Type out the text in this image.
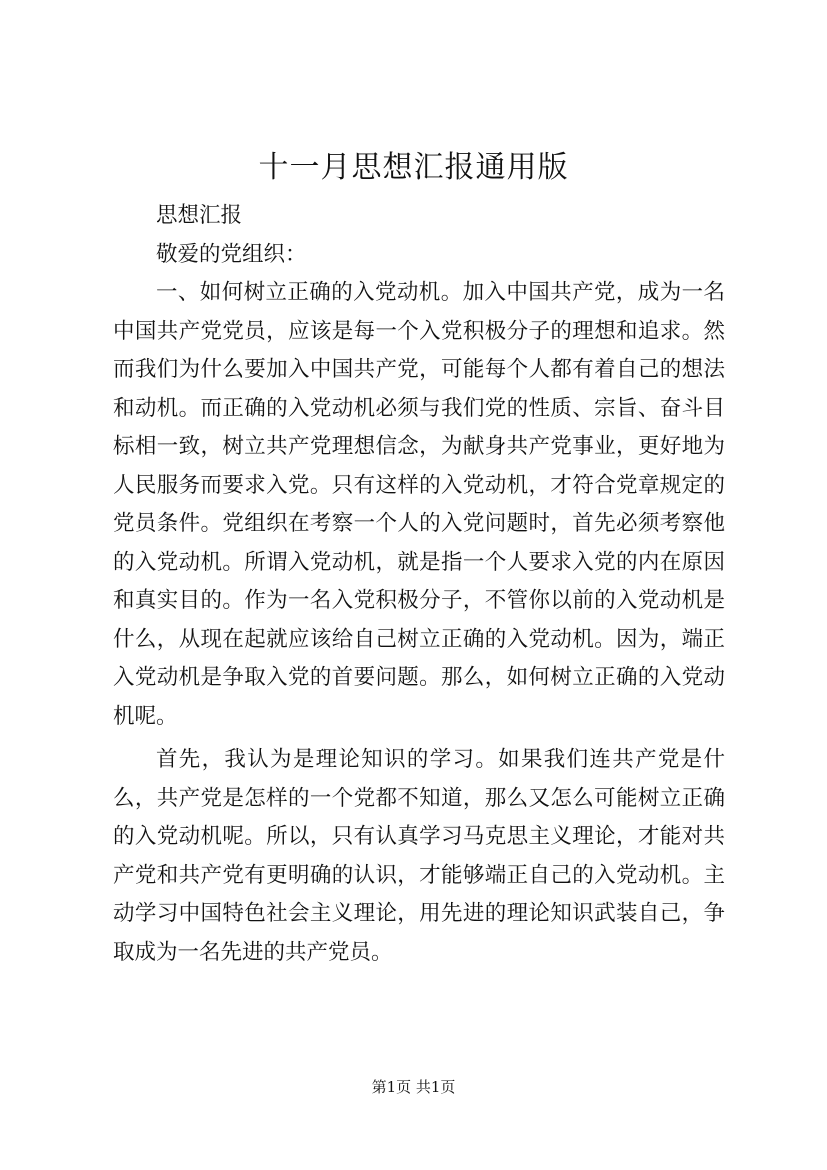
十一月思想汇报通用版

思想汇报

敬爱的党组织：

一、如何树立正确的入党动机。加入中国共产党，成为一名中国共产党党员，应该是每一个入党积极分子的理想和追求。然而我们为什么要加入中国共产党，可能每个人都有着自己的想法和动机。而正确的入党动机必须与我们党的性质、宗旨、奋斗目标相一致，树立共产党理想信念，为献身共产党事业，更好地为人民服务而要求入党。只有这样的入党动机，才符合党章规定的党员条件。党组织在考察一个人的入党问题时，首先必须考察他的入党动机。所谓入党动机，就是指一个人要求入党的内在原因和真实目的。作为一名入党积极分子，不管你以前的入党动机是什么，从现在起就应该给自己树立正确的入党动机。因为，端正入党动机是争取入党的首要问题。那么，如何树立正确的入党动机呢。

首先，我认为是理论知识的学习。如果我们连共产党是什么，共产党是怎样的一个党都不知道，那么又怎么可能树立正确的入党动机呢。所以，只有认真学习马克思主义理论，才能对共产党和共产党有更明确的认识，才能够端正自己的入党动机。主动学习中国特色社会主义理论，用先进的理论知识武装自己，争取成为一名先进的共产党员。

第1页 共1页
